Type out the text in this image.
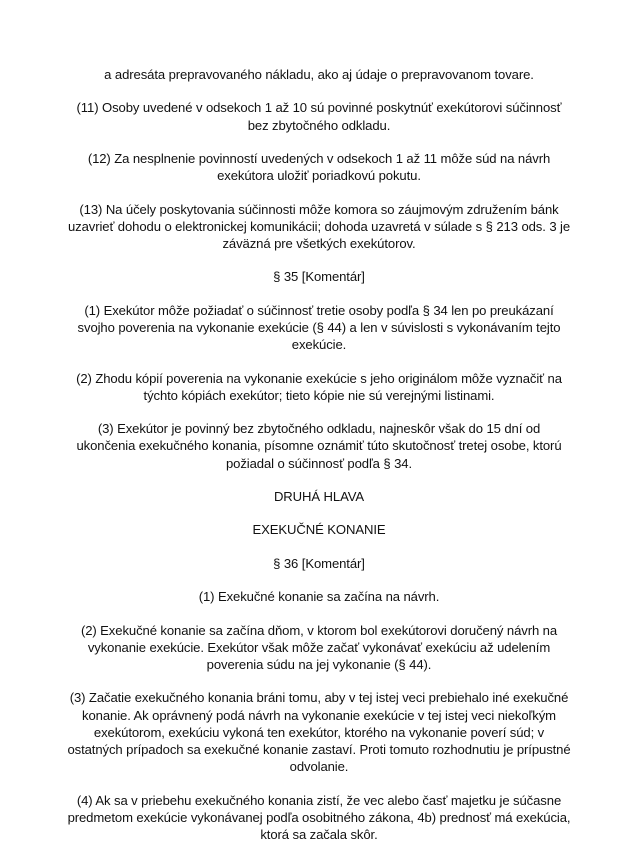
a adresáta prepravovaného nákladu, ako aj údaje o prepravovanom tovare.

(11) Osoby uvedené v odsekoch 1 až 10 sú povinné poskytnúť exekútorovi súčinnosť
bez zbytočného odkladu.

(12) Za nesplnenie povinností uvedených v odsekoch 1 až 11 môže súd na návrh
exekútora uložiť poriadkovú pokutu.

(13) Na účely poskytovania súčinnosti môže komora so záujmovým združením bánk
uzavrieť dohodu o elektronickej komunikácii; dohoda uzavretá v súlade s § 213 ods. 3 je
záväzná pre všetkých exekútorov.

§ 35 [Komentár]

(1) Exekútor môže požiadať o súčinnosť tretie osoby podľa § 34 len po preukázaní
svojho poverenia na vykonanie exekúcie (§ 44) a len v súvislosti s vykonávaním tejto
exekúcie.

(2) Zhodu kópií poverenia na vykonanie exekúcie s jeho originálom môže vyznačiť na
týchto kópiách exekútor; tieto kópie nie sú verejnými listinami.

(3) Exekútor je povinný bez zbytočného odkladu, najneskôr však do 15 dní od
ukončenia exekučného konania, písomne oznámiť túto skutočnosť tretej osobe, ktorú
požiadal o súčinnosť podľa § 34.

DRUHÁ HLAVA

EXEKUČNÉ KONANIE

§ 36 [Komentár]

(1) Exekučné konanie sa začína na návrh.

(2) Exekučné konanie sa začína dňom, v ktorom bol exekútorovi doručený návrh na
vykonanie exekúcie. Exekútor však môže začať vykonávať exekúciu až udelením
poverenia súdu na jej vykonanie (§ 44).

(3) Začatie exekučného konania bráni tomu, aby v tej istej veci prebiehalo iné exekučné
konanie. Ak oprávnený podá návrh na vykonanie exekúcie v tej istej veci niekoľkým
exekútorom, exekúciu vykoná ten exekútor, ktorého na vykonanie poverí súd; v
ostatných prípadoch sa exekučné konanie zastaví. Proti tomuto rozhodnutiu je prípustné
odvolanie.

(4) Ak sa v priebehu exekučného konania zistí, že vec alebo časť majetku je súčasne
predmetom exekúcie vykonávanej podľa osobitného zákona, 4b) prednosť má exekúcia,
ktorá sa začala skôr.
